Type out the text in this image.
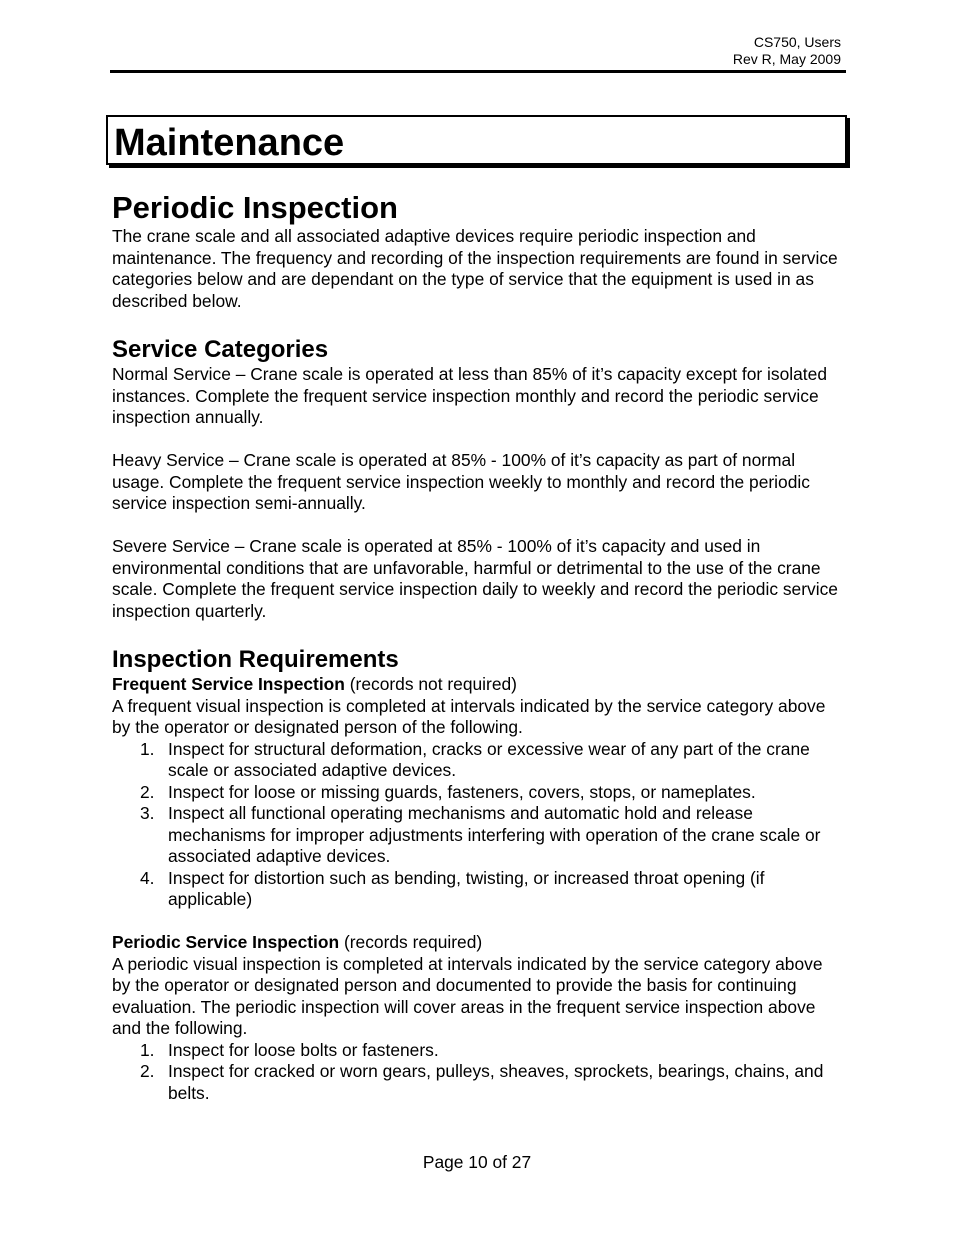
CS750, Users
Rev R, May 2009
Maintenance
Periodic Inspection

The crane scale and all associated adaptive devices require periodic inspection and maintenance. The frequency and recording of the inspection requirements are found in service categories below and are dependant on the type of service that the equipment is used in as described below.

Service Categories

Normal Service – Crane scale is operated at less than 85% of it’s capacity except for isolated instances. Complete the frequent service inspection monthly and record the periodic service inspection annually.

Heavy Service – Crane scale is operated at 85% - 100% of it’s capacity as part of normal usage. Complete the frequent service inspection weekly to monthly and record the periodic service inspection semi-annually.

Severe Service – Crane scale is operated at 85% - 100% of it’s capacity and used in environmental conditions that are unfavorable, harmful or detrimental to the use of the crane scale. Complete the frequent service inspection daily to weekly and record the periodic service inspection quarterly.

Inspection Requirements

Frequent Service Inspection (records not required)

A frequent visual inspection is completed at intervals indicated by the service category above by the operator or designated person of the following.

1. Inspect for structural deformation, cracks or excessive wear of any part of the crane scale or associated adaptive devices.
2. Inspect for loose or missing guards, fasteners, covers, stops, or nameplates.
3. Inspect all functional operating mechanisms and automatic hold and release mechanisms for improper adjustments interfering with operation of the crane scale or associated adaptive devices.
4. Inspect for distortion such as bending, twisting, or increased throat opening (if applicable)

Periodic Service Inspection (records required)

A periodic visual inspection is completed at intervals indicated by the service category above by the operator or designated person and documented to provide the basis for continuing evaluation. The periodic inspection will cover areas in the frequent service inspection above and the following.

1. Inspect for loose bolts or fasteners.
2. Inspect for cracked or worn gears, pulleys, sheaves, sprockets, bearings, chains, and belts.
Page 10 of 27
